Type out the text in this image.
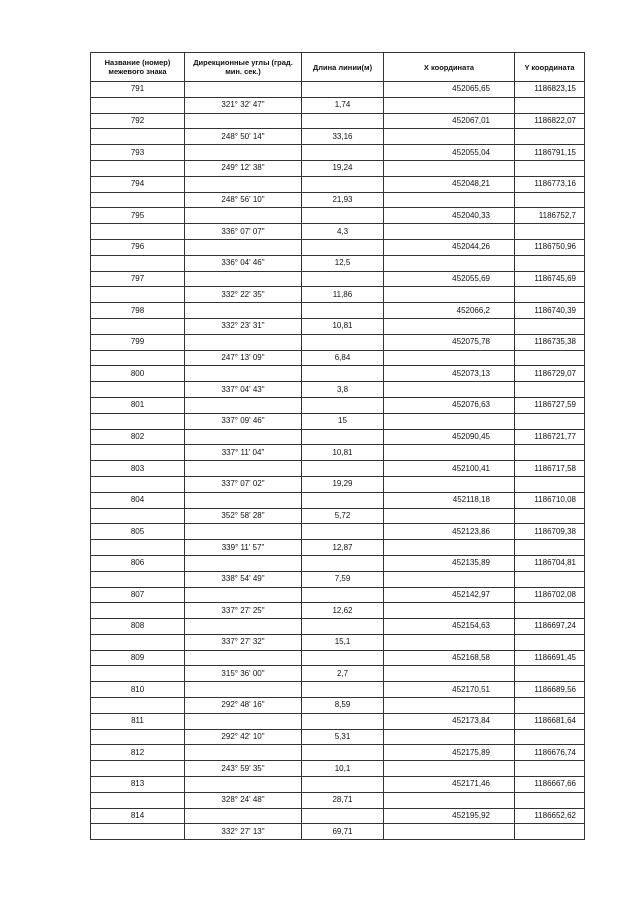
Название (номер) межевого знака	Дирекционные углы (град. мин. сек.)	Длина линии(м)	X координата	Y координата
791			452065,65	1186823,15
	321° 32' 47"	1,74		
792			452067,01	1186822,07
	248° 50' 14"	33,16		
793			452055,04	1186791,15
	249° 12' 38"	19,24		
794			452048,21	1186773,16
	248° 56' 10"	21,93		
795			452040,33	1186752,7
	336° 07' 07"	4,3		
796			452044,26	1186750,96
	336° 04' 46"	12,5		
797			452055,69	1186745,69
	332° 22' 35"	11,86		
798			452066,2	1186740,39
	332° 23' 31"	10,81		
799			452075,78	1186735,38
	247° 13' 09"	6,84		
800			452073,13	1186729,07
	337° 04' 43"	3,8		
801			452076,63	1186727,59
	337° 09' 46"	15		
802			452090,45	1186721,77
	337° 11' 04"	10,81		
803			452100,41	1186717,58
	337° 07' 02"	19,29		
804			452118,18	1186710,08
	352° 58' 28"	5,72		
805			452123,86	1186709,38
	339° 11' 57"	12,87		
806			452135,89	1186704,81
	338° 54' 49"	7,59		
807			452142,97	1186702,08
	337° 27' 25"	12,62		
808			452154,63	1186697,24
	337° 27' 32"	15,1		
809			452168,58	1186691,45
	315° 36' 00"	2,7		
810			452170,51	1186689,56
	292° 48' 16"	8,59		
811			452173,84	1186681,64
	292° 42' 10"	5,31		
812			452175,89	1186676,74
	243° 59' 35"	10,1		
813			452171,46	1186667,66
	328° 24' 48"	28,71		
814			452195,92	1186652,62
	332° 27' 13"	69,71		
